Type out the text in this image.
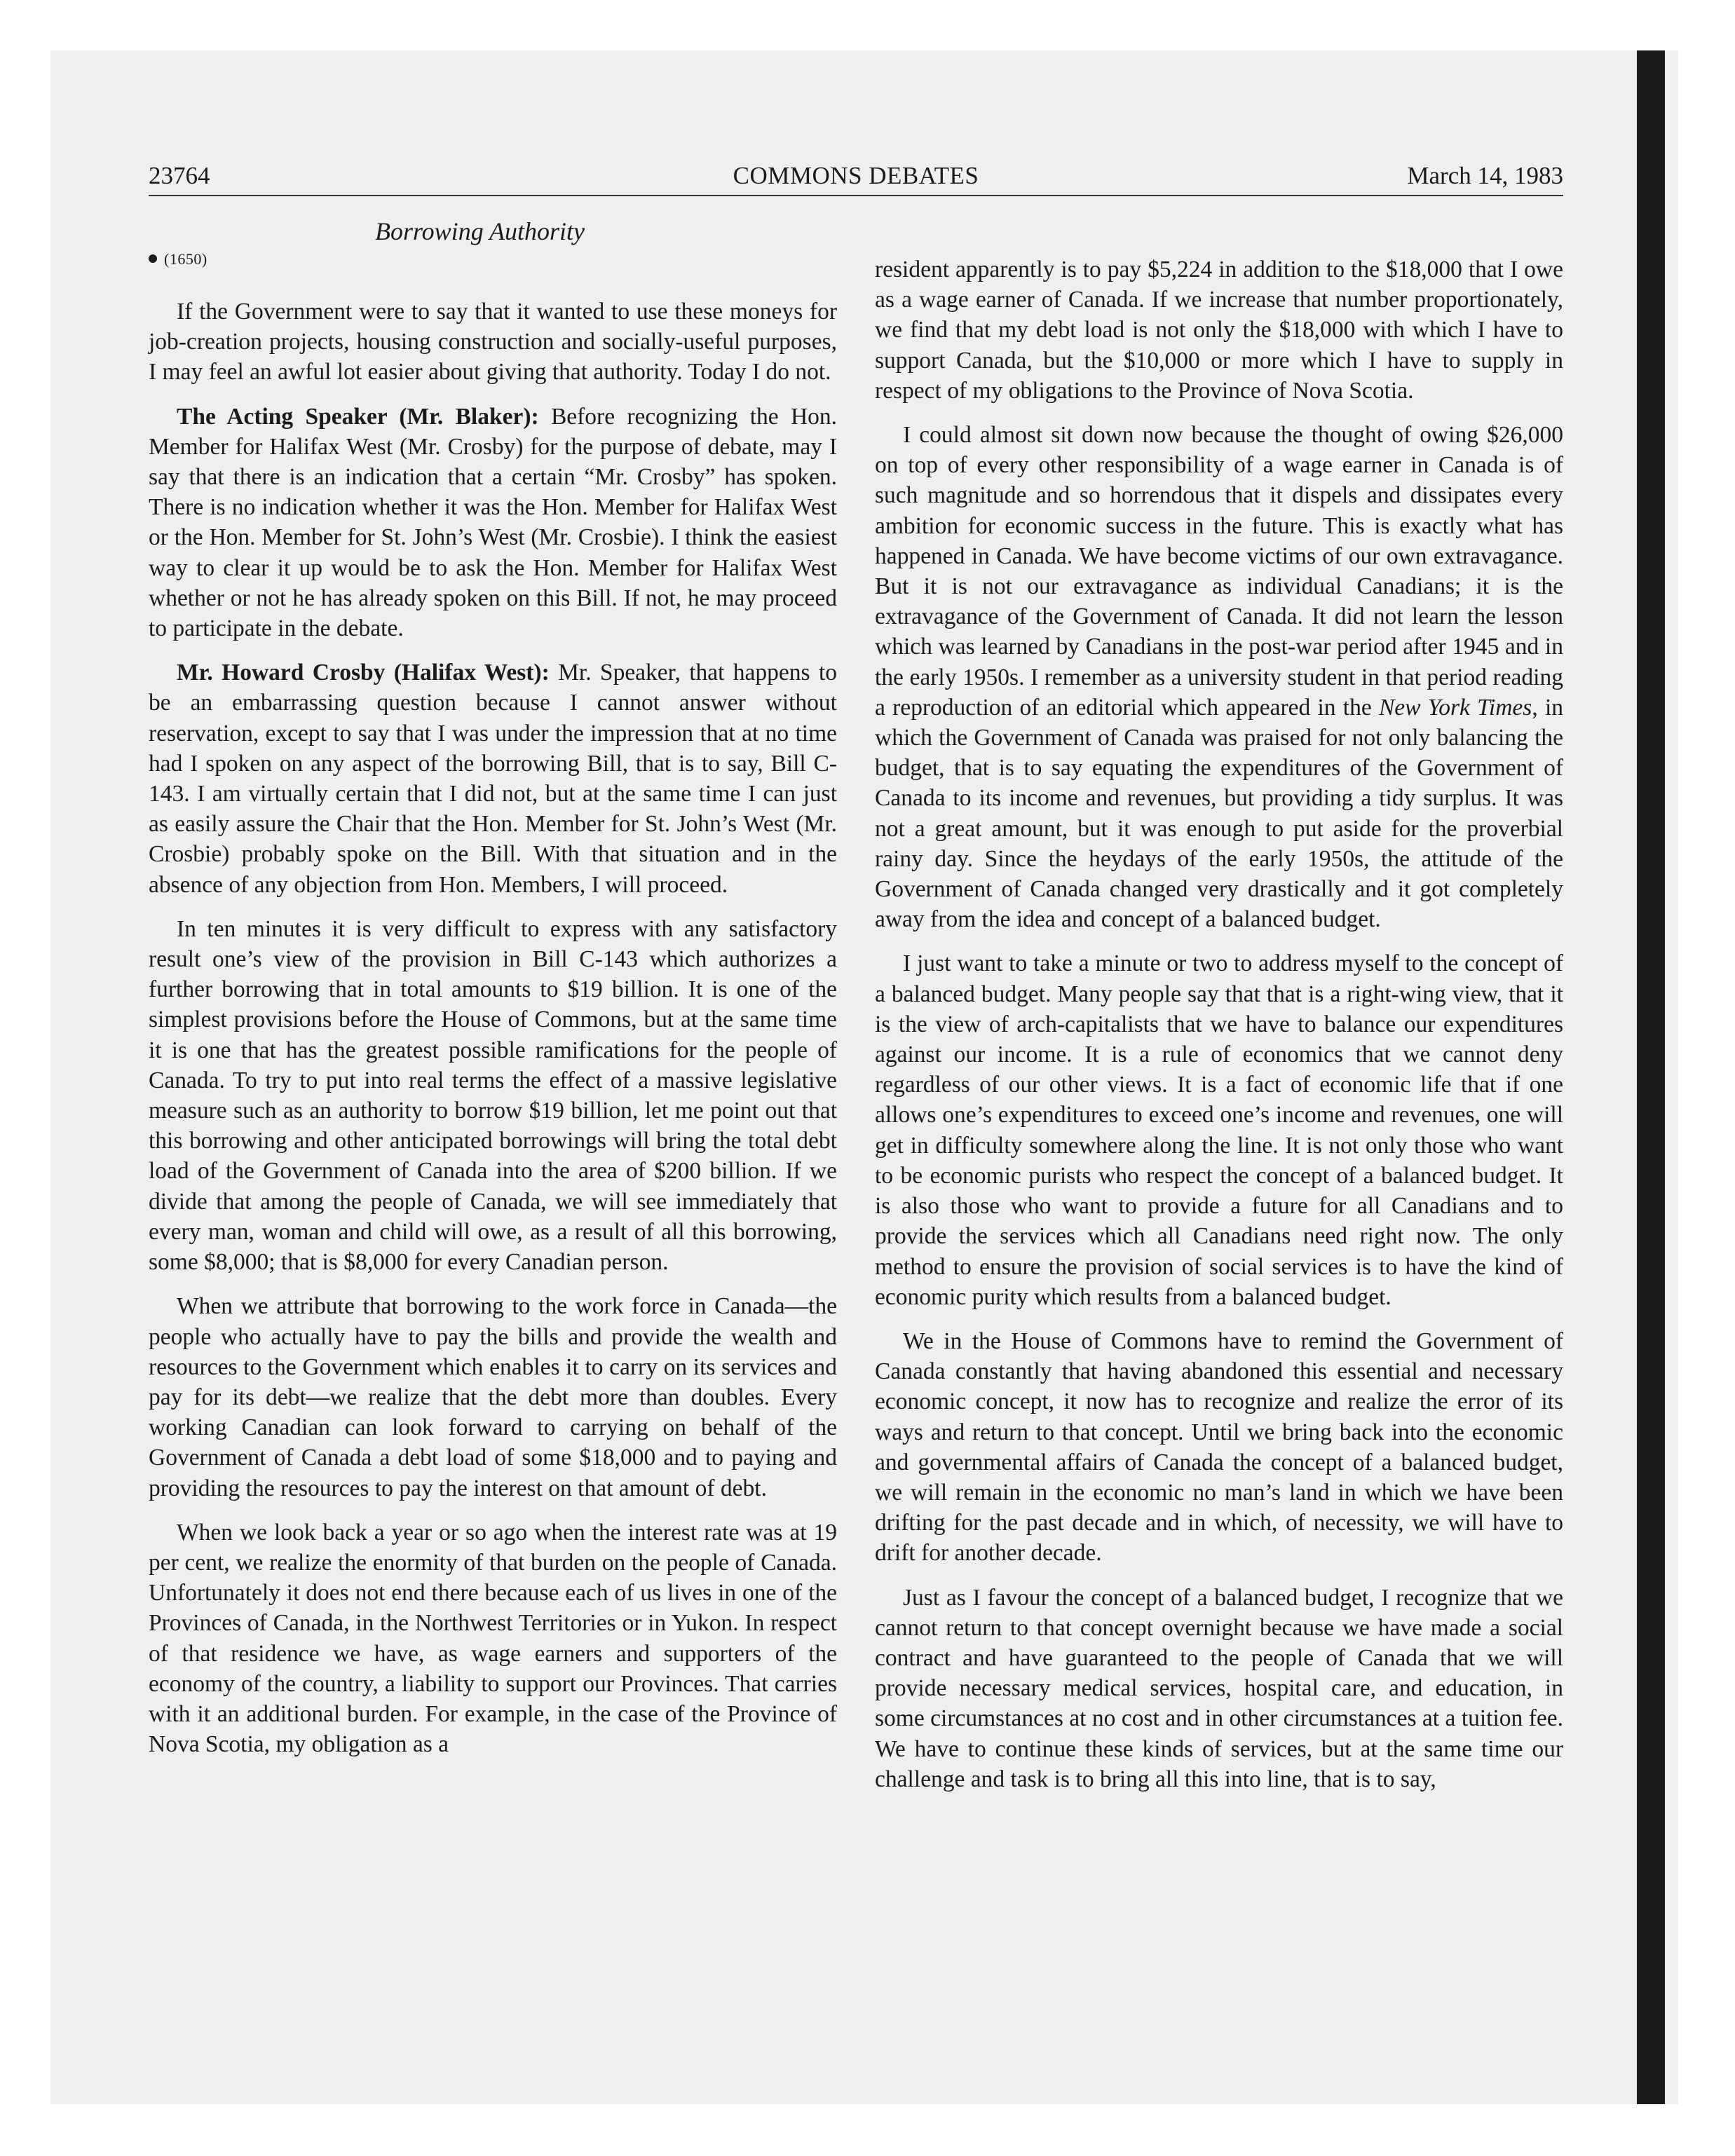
23764	COMMONS DEBATES	March 14, 1983
Borrowing Authority
(1650)

If the Government were to say that it wanted to use these moneys for job-creation projects, housing construction and socially-useful purposes, I may feel an awful lot easier about giving that authority. Today I do not.

The Acting Speaker (Mr. Blaker): Before recognizing the Hon. Member for Halifax West (Mr. Crosby) for the purpose of debate, may I say that there is an indication that a certain “Mr. Crosby” has spoken. There is no indication whether it was the Hon. Member for Halifax West or the Hon. Member for St. John’s West (Mr. Crosbie). I think the easiest way to clear it up would be to ask the Hon. Member for Halifax West whether or not he has already spoken on this Bill. If not, he may proceed to participate in the debate.

Mr. Howard Crosby (Halifax West): Mr. Speaker, that happens to be an embarrassing question because I cannot answer without reservation, except to say that I was under the impression that at no time had I spoken on any aspect of the borrowing Bill, that is to say, Bill C-143. I am virtually certain that I did not, but at the same time I can just as easily assure the Chair that the Hon. Member for St. John’s West (Mr. Crosbie) probably spoke on the Bill. With that situation and in the absence of any objection from Hon. Members, I will proceed.

In ten minutes it is very difficult to express with any satisfactory result one’s view of the provision in Bill C-143 which authorizes a further borrowing that in total amounts to $19 billion. It is one of the simplest provisions before the House of Commons, but at the same time it is one that has the greatest possible ramifications for the people of Canada. To try to put into real terms the effect of a massive legislative measure such as an authority to borrow $19 billion, let me point out that this borrowing and other anticipated borrowings will bring the total debt load of the Government of Canada into the area of $200 billion. If we divide that among the people of Canada, we will see immediately that every man, woman and child will owe, as a result of all this borrowing, some $8,000; that is $8,000 for every Canadian person.

When we attribute that borrowing to the work force in Canada—the people who actually have to pay the bills and provide the wealth and resources to the Government which enables it to carry on its services and pay for its debt—we realize that the debt more than doubles. Every working Canadian can look forward to carrying on behalf of the Government of Canada a debt load of some $18,000 and to paying and providing the resources to pay the interest on that amount of debt.

When we look back a year or so ago when the interest rate was at 19 per cent, we realize the enormity of that burden on the people of Canada. Unfortunately it does not end there because each of us lives in one of the Provinces of Canada, in the Northwest Territories or in Yukon. In respect of that residence we have, as wage earners and supporters of the economy of the country, a liability to support our Provinces. That carries with it an additional burden. For example, in the case of the Province of Nova Scotia, my obligation as a

resident apparently is to pay $5,224 in addition to the $18,000 that I owe as a wage earner of Canada. If we increase that number proportionately, we find that my debt load is not only the $18,000 with which I have to support Canada, but the $10,000 or more which I have to supply in respect of my obligations to the Province of Nova Scotia.

I could almost sit down now because the thought of owing $26,000 on top of every other responsibility of a wage earner in Canada is of such magnitude and so horrendous that it dispels and dissipates every ambition for economic success in the future. This is exactly what has happened in Canada. We have become victims of our own extravagance. But it is not our extravagance as individual Canadians; it is the extravagance of the Government of Canada. It did not learn the lesson which was learned by Canadians in the post-war period after 1945 and in the early 1950s. I remember as a university student in that period reading a reproduction of an editorial which appeared in the New York Times, in which the Government of Canada was praised for not only balancing the budget, that is to say equating the expenditures of the Government of Canada to its income and revenues, but providing a tidy surplus. It was not a great amount, but it was enough to put aside for the proverbial rainy day. Since the heydays of the early 1950s, the attitude of the Government of Canada changed very drastically and it got completely away from the idea and concept of a balanced budget.

I just want to take a minute or two to address myself to the concept of a balanced budget. Many people say that that is a right-wing view, that it is the view of arch-capitalists that we have to balance our expenditures against our income. It is a rule of economics that we cannot deny regardless of our other views. It is a fact of economic life that if one allows one’s expenditures to exceed one’s income and revenues, one will get in difficulty somewhere along the line. It is not only those who want to be economic purists who respect the concept of a balanced budget. It is also those who want to provide a future for all Canadians and to provide the services which all Canadians need right now. The only method to ensure the provision of social services is to have the kind of economic purity which results from a balanced budget.

We in the House of Commons have to remind the Government of Canada constantly that having abandoned this essential and necessary economic concept, it now has to recognize and realize the error of its ways and return to that concept. Until we bring back into the economic and governmental affairs of Canada the concept of a balanced budget, we will remain in the economic no man’s land in which we have been drifting for the past decade and in which, of necessity, we will have to drift for another decade.

Just as I favour the concept of a balanced budget, I recognize that we cannot return to that concept overnight because we have made a social contract and have guaranteed to the people of Canada that we will provide necessary medical services, hospital care, and education, in some circumstances at no cost and in other circumstances at a tuition fee. We have to continue these kinds of services, but at the same time our challenge and task is to bring all this into line, that is to say,
